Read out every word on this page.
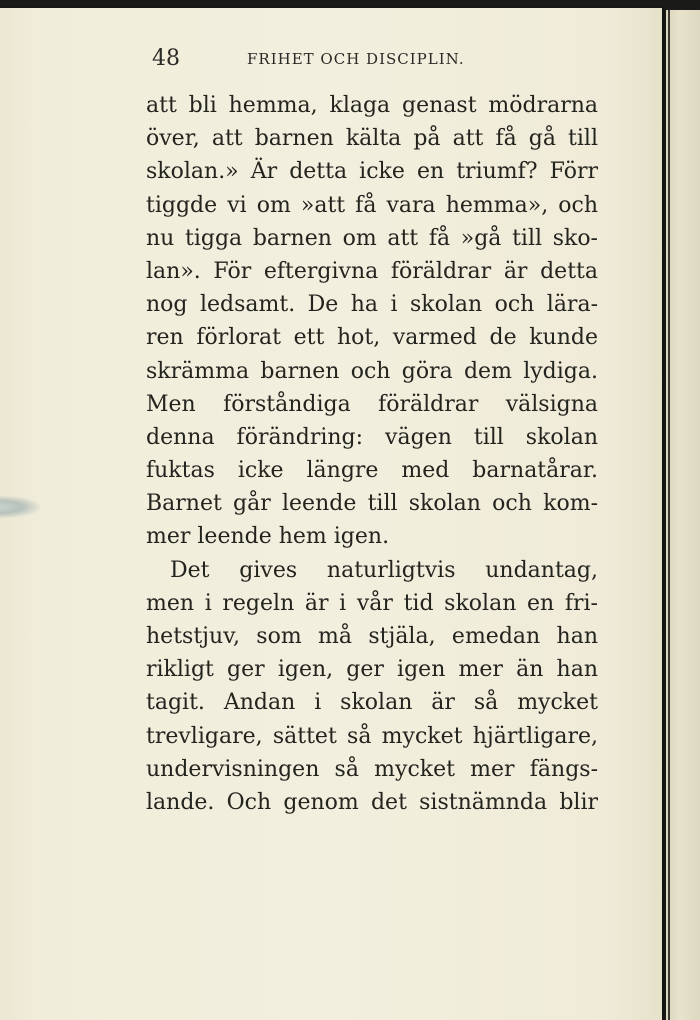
48	FRIHET OCH DISCIPLIN.
att bli hemma, klaga genast mödrarna
över, att barnen kälta på att få gå till
skolan.» Är detta icke en triumf? Förr
tiggde vi om »att få vara hemma», och
nu tigga barnen om att få »gå till sko-
lan». För eftergivna föräldrar är detta
nog ledsamt. De ha i skolan och lära-
ren förlorat ett hot, varmed de kunde
skrämma barnen och göra dem lydiga.
Men förståndiga föräldrar välsigna
denna förändring: vägen till skolan
fuktas icke längre med barnatårar.
Barnet går leende till skolan och kom-
mer leende hem igen.
Det gives naturligtvis undantag,
men i regeln är i vår tid skolan en fri-
hetstjuv, som må stjäla, emedan han
rikligt ger igen, ger igen mer än han
tagit. Andan i skolan är så mycket
trevligare, sättet så mycket hjärtligare,
undervisningen så mycket mer fängs-
lande. Och genom det sistnämnda blir
